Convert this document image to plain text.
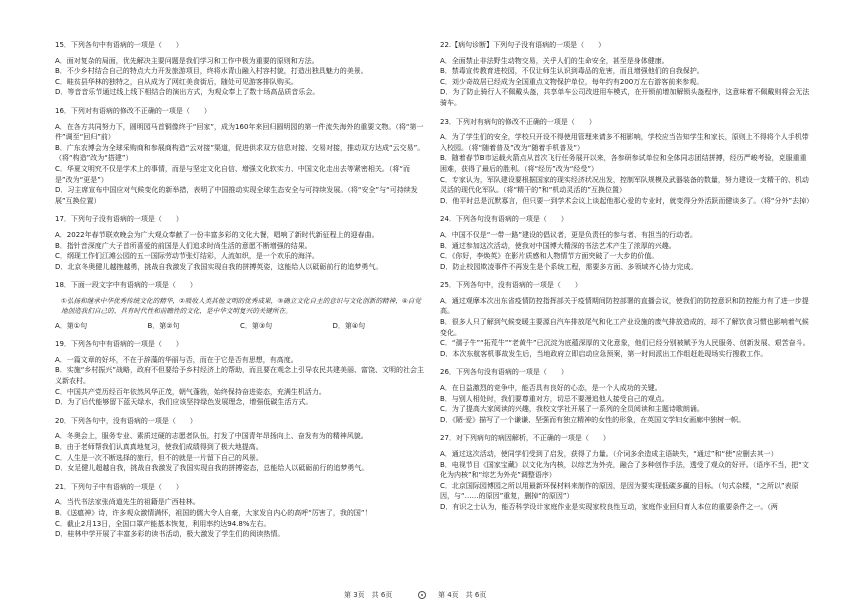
15．下列各句中有语病的一项是（　　）

A．面对复杂的局面，优先解决主要问题是我们学习和工作中极为重要的原则和方法。

B．不少乡村结合自己的特点大力开发旅游项目，终将水青山融入村容村貌，打造出独具魅力的美景。

C．畦贫县华林的独特之，自从成为了网红美食街后，随处可见游客排队购买。

D．等音音乐节通过线上线下相结合的演出方式，为观众奉上了数十场高品质音乐会。

16．下列对有语病的修改不正确的一项是（　　）

A．在各方共同努力下，圆明园马首铜像终于“回家”，成为160年来回归圆明园的第一件流失海外的重要文物。（将“第一件”调至“回归”前）

B．广东农博会为全球采购商和参展商构造“云对接”渠道，促进供求双方信息对接、交易对接，推动双方达成“云交易”。（将“构造”改为“搭建”）

C．华夏文明究不仅是学术上的事情，而是与坚定文化自信、增强文化软实力、中国文化走出去等紧密相关。（将“而是”改为“更是”）

D．习主席宣布中国应对气候变化的新举措，表明了中国推动实现全球生态安全与可持续发展。（将“安全”与“可持续发展”互换位置）

17．下列句子没有语病的一项是（　　）

A．2022年春节联欢晚会为广大观众奉献了一份丰富多彩的文化大餐，唱响了新时代新征程上的迎春曲。

B．指针音深度广大子首所喜爱的前国是人们追求时尚生活的意愿不断增强的结果。

C．纲现工作们江滩公园的五一国际劳动节张灯结彩，人流如织，是一个欢乐的海洋。

D．北京冬奥健儿越挫越勇，挑战自我激发了我国实现自我的拼搏英姿，这能给人以砥砺前行的追梦勇气。

18．下面一段文字中有语病的一项是（　　）

①弘扬和继承中华优秀传统文化的精华，②吸收人类其他文明的优秀成果，③确立文化自主的意识与文化创新的精神，④自觉地创造我们自己的、具有时代性和前瞻性的文化，是中华文明复兴的关键所在。

A．第①句	B．第②句	C．第③句	D．第④句

19．下列各句中有语病的一项是（　　）

A．一篇文章的好坏，不在于辞藻的华丽与否，而在于它是否有思想，有高度。

B．实施“乡村振兴”战略，政府不但要给予乡村经济上的帮助，而且要在观念上引导农民共建美丽、富饶、文明的社会主义新农村。

C．中国共产党历经百年依然风华正茂，朝气蓬勃，始终保持奋进姿态，充满生机活力。

D．为了后代能够留下蓝天绿水，我们应该坚持绿色发展理念，增强低碳生活方式。

20．下列各句中，没有语病的一项是（　　）

A．冬奥会上，服务专业、素质过硬的志愿者队伍，打发了中国青年昂扬向上、奋发有为的精神风貌。

B．由于老师帮我们认真真地复习，使我们成绩得到了极大地提高。

C．人生是一次不断选择的旅行，但不的就是一片留下自己的风景。

D．女足健儿超越自我，挑战自我激发了我国实现自我的拼搏姿态，总能给人以砥砺前行的追梦勇气。

21．下列句子中有语病的一项是（　　）

A．当代书法家张尚道先生的祖籍是广西桂林。

B．《送瘟神》诗，许多观众激情满怀，祖国的儒大令人自豪，大家发自内心的高呼“厉害了，我的国”！

C．截止2月13日，全国口罩产能基本恢复，利用率约达94.8%左右。

D．桂林中学开展了丰富多彩的读书活动，极大激发了学生们的阅读热情。

22.【病句诊断】下列句子没有语病的一项是（　　）

A．全面禁止非法野生动物交易，关乎人们的生命安全，甚至是身体健康。

B．禁毒宣传教育进校园，不仅让师生认识到毒品的危害，而且增强他们的自我保护。

C．刘少奇故居已经成为全国重点文物保护单位，每年约有200万左右游客前来参观。

D．为了防止骑行人不佩戴头盔，共享单车公司改进用车模式，在开锁前增加解锁头盔程序，这意味着不佩戴则将会无法骑车。

23．下列对有病句的修改不正确的一项是（　　）

A．为了学生们的安全，学校只开设不得使用管理来请多不相影响，学校应当告知学生和家长，原则上不得将个人手机带入校园。（将“随着普及”改为“随着手机普及”）

B．随着春节B市运载火箭点从首次飞行任务展开以来，各参研参试单位和全体同志团结拼搏，经历严峻考验，克服重重困难，获得了最后的胜利。（将“经历”改为“经受”）

C．专家认为，军队建设要根据国家的现实经济状况出发，控制军队规模及武器装备的数量，努力建设一支精干的、机动灵活的现代化军队。（将“精干的”和“机动灵活的”互换位置）

D．他平时总是沉默寡言，但只要一到学术会议上谈起他那心爱的专业时，就变得分外活跃而健谈多了。（将“分外”去掉）

24．下列各句没有语病的一项是（　　）

A．中国不仅是“一带一路”建设的倡议者，更是负责任的参与者、有担当的行动者。

B．通过参加这次活动，使我对中国博大精深的书法艺术产生了浓厚的兴趣。

C．《你好，李焕英》在影片质感和人物情节方面突破了一大步的价值。

D．防止校园欺凌事件不再发生是个系统工程，需要多方面、多领域齐心协力完成。

25．下列各句中，没有语病的一项是（　　）

A．通过观摩本次出东省疫情防控指挥部关于疫情期间防控部署的直播会议，使我们的防控意识和防控能力有了进一步提高。

B．很多人只了解到气候变暖主要源自汽车排放尾气和化工产业设施的废气排放造成的，却不了解饮食习惯也影响着气候变化。

C．“孺子牛”“拓荒牛”“老黄牛”已沉淀为底蕴深厚的文化意象，他们已经分别被赋予为人民服务、创新发展、艰苦奋斗。

D．本次东航客机事故发生后，当地政府立即启动应急预案，第一时间派出工作组赶赴现场实行搜救工作。

26．下列各句没有语病的一项是（　　）

A．在日益激烈的竞争中，能否具有良好的心态，是一个人成功的关键。

B．与别人相处时，我们要尊重对方，切忌不要漫追他人接受自己的观点。

C．为了提高大家阅读的兴趣，我校文学社开展了一系列的全员阅读和主题诗歌朗诵。

D．《陋·爱》描写了一个谦谦、坚强而有独立精神的女性的形象，在英国文学妇女画廊中独树一帜。

27．对下列病句的病因解析，不正确的一项是（　　）

A．通过这次活动，使同学们受到了启发，获得了力量。（介词多余造成主语缺失，“通过”和“使”应删去其一）

B．电视节目《国家宝藏》以文化为内核，以综艺为外壳，融合了多种创作手法，透受了观众的好评。（语序不当，把“文化为内核”和“综艺为外壳”调整语序）

C．北京国际园博园之所以用最新环保材料来制作的原因，是因为要实现低碳多赢的目标。（句式杂糅，“之所以”表原因，与“……的原因”重复，删掉“的原因”）

D．有识之士认为，能否科学设计家庭作业是实现家校良性互动，家庭作业回归育人本位的重要条件之一。（两

第 3页　共 6页	第 4页　共 6页
